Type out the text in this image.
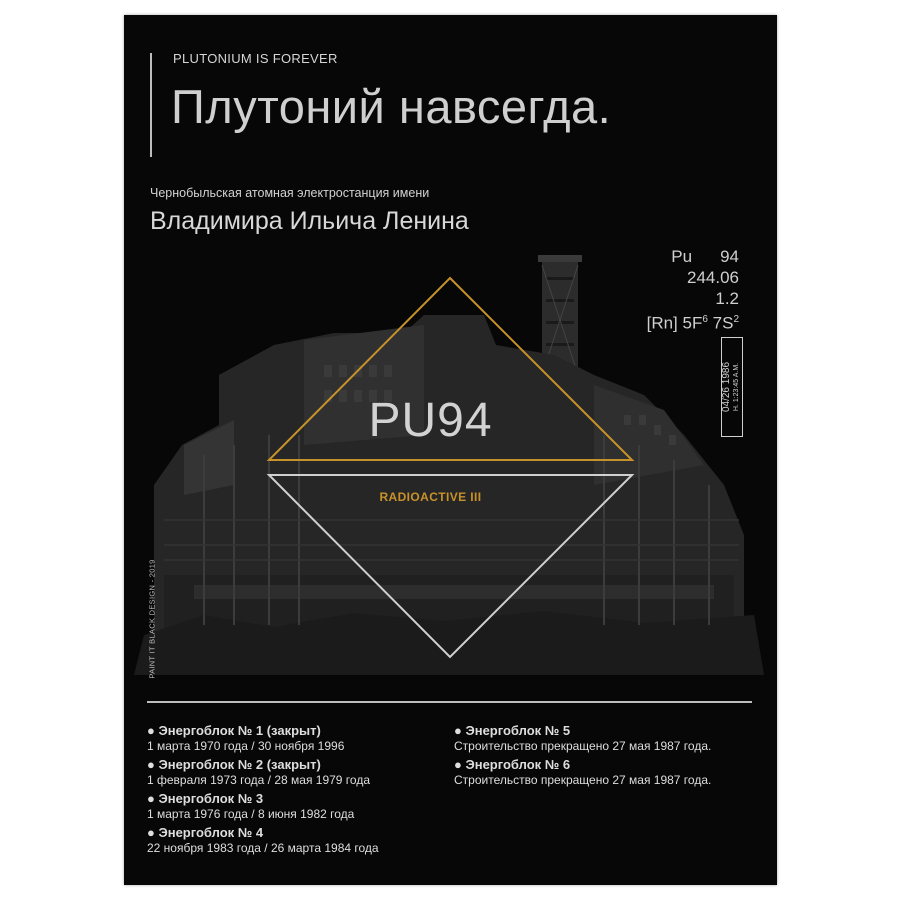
PLUTONIUM IS FOREVER
Плутоний навсегда.
Чернобыльская атомная электростанция имени
Владимира Ильича Ленина
Pu 94
244.06
1.2
[Rn] $5F^6$ $7S^2$
04/26 1986 H. 1:23:45 A.M.
PAINT IT BLACK DESIGN - 2019
PU94
RADIOACTIVE III
● Энергоблок № 1 (закрыт)
1 марта 1970 года / 30 ноября 1996
● Энергоблок № 2 (закрыт)
1 февраля 1973 года / 28 мая 1979 года
● Энергоблок № 3
1 марта 1976 года / 8 июня 1982 года
● Энергоблок № 4
22 ноября 1983 года / 26 марта 1984 года
● Энергоблок № 5
Строительство прекращено 27 мая 1987 года.
● Энергоблок № 6
Строительство прекращено 27 мая 1987 года.
